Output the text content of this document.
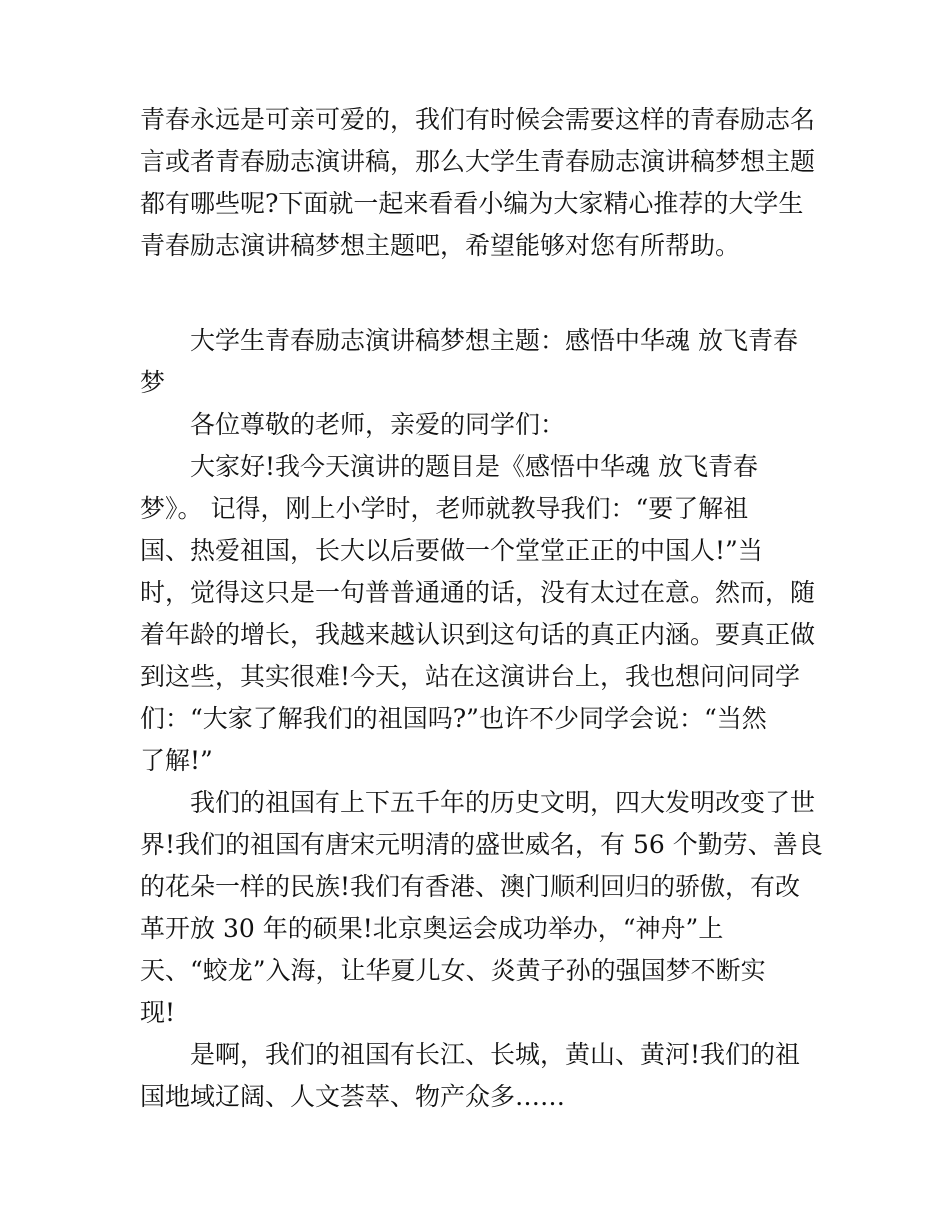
青春永远是可亲可爱的，我们有时候会需要这样的青春励志名
言或者青春励志演讲稿，那么大学生青春励志演讲稿梦想主题
都有哪些呢?下面就一起来看看小编为大家精心推荐的大学生
青春励志演讲稿梦想主题吧，希望能够对您有所帮助。
　　大学生青春励志演讲稿梦想主题：感悟中华魂 放飞青春
梦
　　各位尊敬的老师，亲爱的同学们：
　　大家好!我今天演讲的题目是《感悟中华魂 放飞青春
梦》。 记得，刚上小学时，老师就教导我们：“要了解祖
国、热爱祖国，长大以后要做一个堂堂正正的中国人!”当
时，觉得这只是一句普普通通的话，没有太过在意。然而，随
着年龄的增长，我越来越认识到这句话的真正内涵。要真正做
到这些，其实很难!今天，站在这演讲台上，我也想问问同学
们：“大家了解我们的祖国吗?”也许不少同学会说：“当然
了解!”
　　我们的祖国有上下五千年的历史文明，四大发明改变了世
界!我们的祖国有唐宋元明清的盛世威名，有 56 个勤劳、善良
的花朵一样的民族!我们有香港、澳门顺利回归的骄傲，有改
革开放 30 年的硕果!北京奥运会成功举办，“神舟”上
天、“蛟龙”入海，让华夏儿女、炎黄子孙的强国梦不断实
现!
　　是啊，我们的祖国有长江、长城，黄山、黄河!我们的祖
国地域辽阔、人文荟萃、物产众多……
